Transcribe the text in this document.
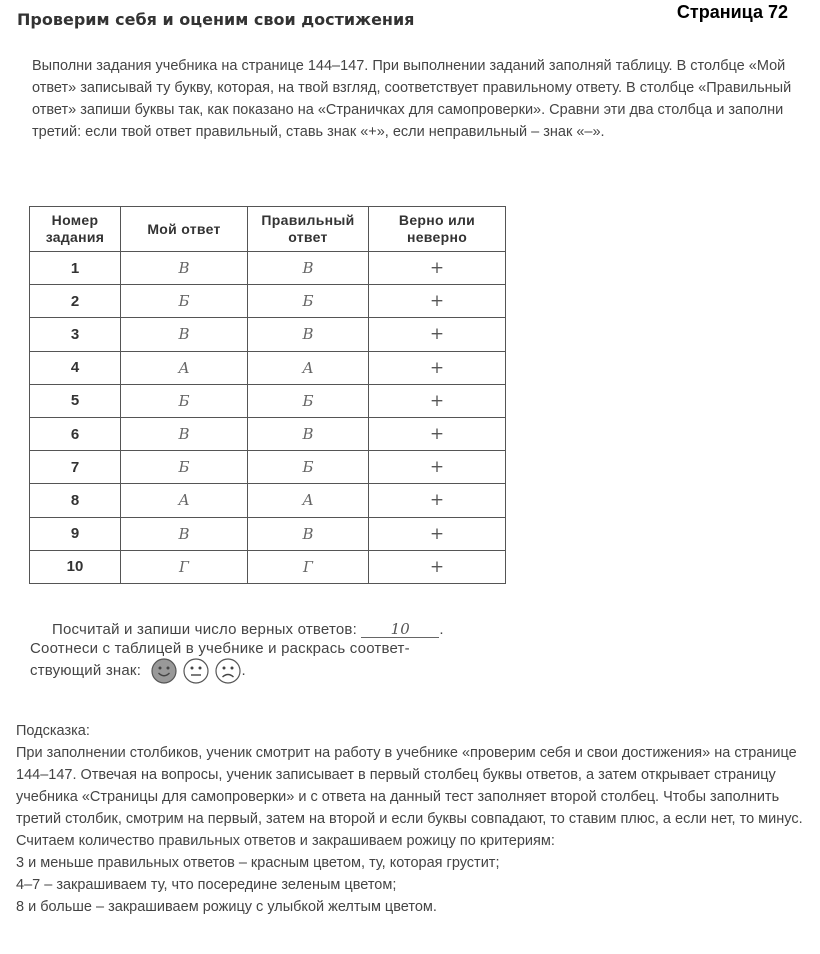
Проверим себя и оценим свои достижения	Страница 72

Выполни задания учебника на странице 144–147. При выполнении заданий заполняй таблицу. В столбце «Мой ответ» записывай ту букву, которая, на твой взгляд, соответствует правильному ответу. В столбце «Правильный ответ» запиши буквы так, как показано на «Страничках для самопроверки». Сравни эти два столбца и заполни третий: если твой ответ правильный, ставь знак «+», если неправильный – знак «–».

Номер задания	Мой ответ	Правильный ответ	Верно или неверно
1	В	В	+
2	Б	Б	+
3	В	В	+
4	А	А	+
5	Б	Б	+
6	В	В	+
7	Б	Б	+
8	А	А	+
9	В	В	+
10	Г	Г	+
Посчитай и запиши число верных ответов: 10 .
Соотнеси с таблицей в учебнике и раскрась соответ-
ствующий знак:	.

Подсказка:

При заполнении столбиков, ученик смотрит на работу в учебнике «проверим себя и свои достижения» на странице 144–147. Отвечая на вопросы, ученик записывает в первый столбец буквы ответов, а затем открывает страницу учебника «Страницы для самопроверки» и с ответа на данный тест заполняет второй столбец. Чтобы заполнить третий столбик, смотрим на первый, затем на второй и если буквы совпадают, то ставим плюс, а если нет, то минус.

Считаем количество правильных ответов и закрашиваем рожицу по критериям:

3 и меньше правильных ответов – красным цветом, ту, которая грустит;

4–7 – закрашиваем ту, что посередине зеленым цветом;

8 и больше – закрашиваем рожицу с улыбкой желтым цветом.
